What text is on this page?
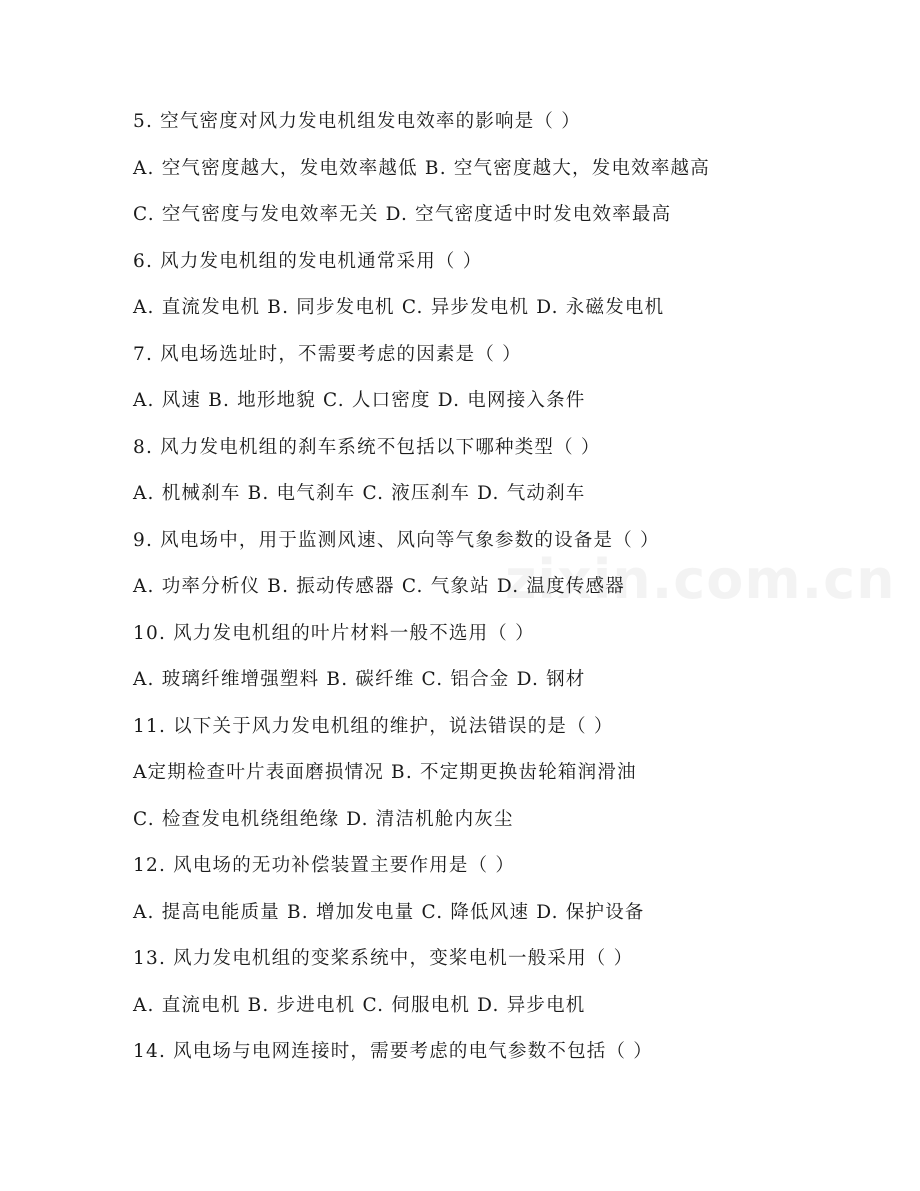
5. 空气密度对风力发电机组发电效率的影响是（ ）
A. 空气密度越大，发电效率越低 B. 空气密度越大，发电效率越高
C. 空气密度与发电效率无关 D. 空气密度适中时发电效率最高
6. 风力发电机组的发电机通常采用（ ）
A. 直流发电机 B. 同步发电机 C. 异步发电机 D. 永磁发电机
7. 风电场选址时，不需要考虑的因素是（ ）
A. 风速 B. 地形地貌 C. 人口密度 D. 电网接入条件
8. 风力发电机组的刹车系统不包括以下哪种类型（ ）
A. 机械刹车 B. 电气刹车 C. 液压刹车 D. 气动刹车
9. 风电场中，用于监测风速、风向等气象参数的设备是（ ）
A. 功率分析仪 B. 振动传感器 C. 气象站 D. 温度传感器
10. 风力发电机组的叶片材料一般不选用（ ）
A. 玻璃纤维增强塑料 B. 碳纤维 C. 铝合金 D. 钢材
11. 以下关于风力发电机组的维护，说法错误的是（ ）
A定期检查叶片表面磨损情况 B. 不定期更换齿轮箱润滑油
C. 检查发电机绕组绝缘 D. 清洁机舱内灰尘
12. 风电场的无功补偿装置主要作用是（ ）
A. 提高电能质量 B. 增加发电量 C. 降低风速 D. 保护设备
13. 风力发电机组的变桨系统中，变桨电机一般采用（ ）
A. 直流电机 B. 步进电机 C. 伺服电机 D. 异步电机
14. 风电场与电网连接时，需要考虑的电气参数不包括（ ）
